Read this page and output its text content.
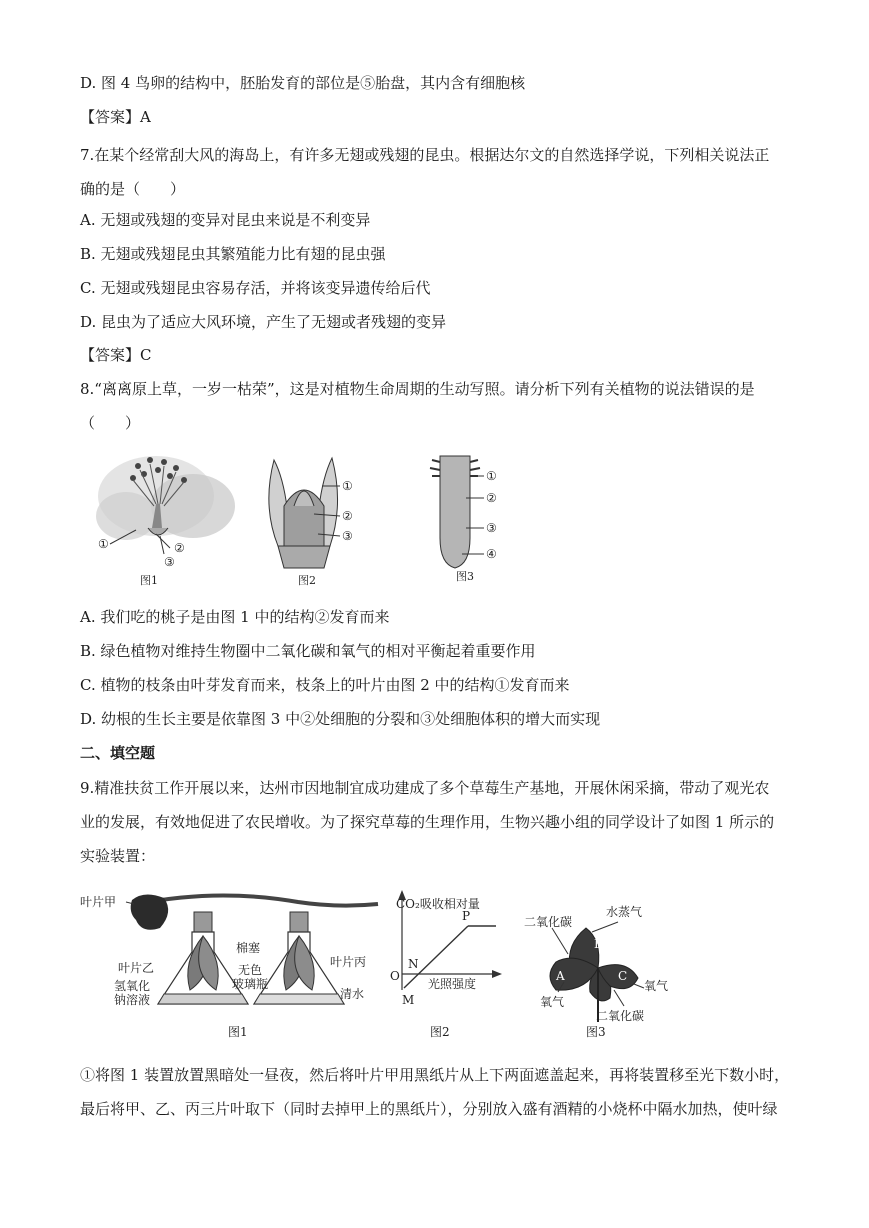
D. 图 4 鸟卵的结构中，胚胎发育的部位是⑤胎盘，其内含有细胞核
【答案】A
7.在某个经常刮大风的海岛上，有许多无翅或残翅的昆虫。根据达尔文的自然选择学说，下列相关说法正
确的是（　　）
A. 无翅或残翅的变异对昆虫来说是不利变异
B. 无翅或残翅昆虫其繁殖能力比有翅的昆虫强
C. 无翅或残翅昆虫容易存活，并将该变异遗传给后代
D. 昆虫为了适应大风环境，产生了无翅或者残翅的变异
【答案】C
8.“离离原上草，一岁一枯荣”，这是对植物生命周期的生动写照。请分析下列有关植物的说法错误的是
（　　）
①	②
③
图1
①
②
③
图2
①
②
③
④
图3
A. 我们吃的桃子是由图 1 中的结构②发育而来
B. 绿色植物对维持生物圈中二氧化碳和氧气的相对平衡起着重要作用
C. 植物的枝条由叶芽发育而来，枝条上的叶片由图 2 中的结构①发育而来
D. 幼根的生长主要是依靠图 3 中②处细胞的分裂和③处细胞体积的增大而实现
二、填空题
9.精准扶贫工作开展以来，达州市因地制宜成功建成了多个草莓生产基地，开展休闲采摘，带动了观光农
业的发展，有效地促进了农民增收。为了探究草莓的生理作用，生物兴趣小组的同学设计了如图 1 所示的
实验装置：
叶片甲
棉塞
叶片乙	叶片丙
无色
玻璃瓶
氢氧化
钠溶液	清水
图1
CO₂吸收相对量
光照强度
O
M
N
P
图2
A
B
C
二氧化碳
水蒸气
氧气
氧气
二氧化碳
图3
①将图 1 装置放置黑暗处一昼夜，然后将叶片甲用黑纸片从上下两面遮盖起来，再将装置移至光下数小时，
最后将甲、乙、丙三片叶取下（同时去掉甲上的黑纸片），分别放入盛有酒精的小烧杯中隔水加热，使叶绿
